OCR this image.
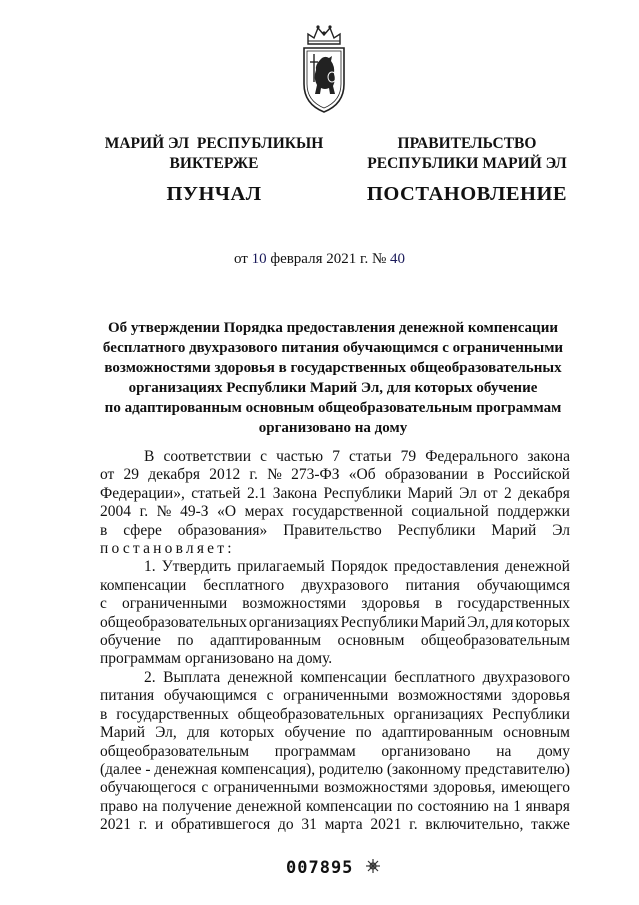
МАРИЙ ЭЛ  РЕСПУБЛИКЫН
ВИКТЕРЖЕ
ПУНЧАЛ
ПРАВИТЕЛЬСТВО
РЕСПУБЛИКИ МАРИЙ ЭЛ
ПОСТАНОВЛЕНИЕ
от 10 февраля 2021 г. № 40
Об утверждении Порядка предоставления денежной компенсации
бесплатного двухразового питания обучающимся с ограниченными
возможностями здоровья в государственных общеобразовательных
организациях Республики Марий Эл, для которых обучение
по адаптированным основным общеобразовательным программам
организовано на дому
В соответствии с частью 7 статьи 79 Федерального закона
от 29 декабря 2012 г. № 273-ФЗ «Об образовании в Российской
Федерации», статьей 2.1 Закона Республики Марий Эл от 2 декабря
2004 г. № 49-З «О мерах государственной социальной поддержки
в сфере образования» Правительство Республики Марий Эл
постановляет:
1. Утвердить прилагаемый Порядок предоставления денежной
компенсации бесплатного двухразового питания обучающимся
с ограниченными возможностями здоровья в государственных
общеобразовательных организациях Республики Марий Эл, для которых
обучение по адаптированным основным общеобразовательным
программам организовано на дому.
2. Выплата денежной компенсации бесплатного двухразового
питания обучающимся с ограниченными возможностями здоровья
в государственных общеобразовательных организациях Республики
Марий Эл, для которых обучение по адаптированным основным
общеобразовательным программам организовано на дому
(далее - денежная компенсация), родителю (законному представителю)
обучающегося с ограниченными возможностями здоровья, имеющего
право на получение денежной компенсации по состоянию на 1 января
2021 г. и обратившегося до 31 марта 2021 г. включительно, также
007895
